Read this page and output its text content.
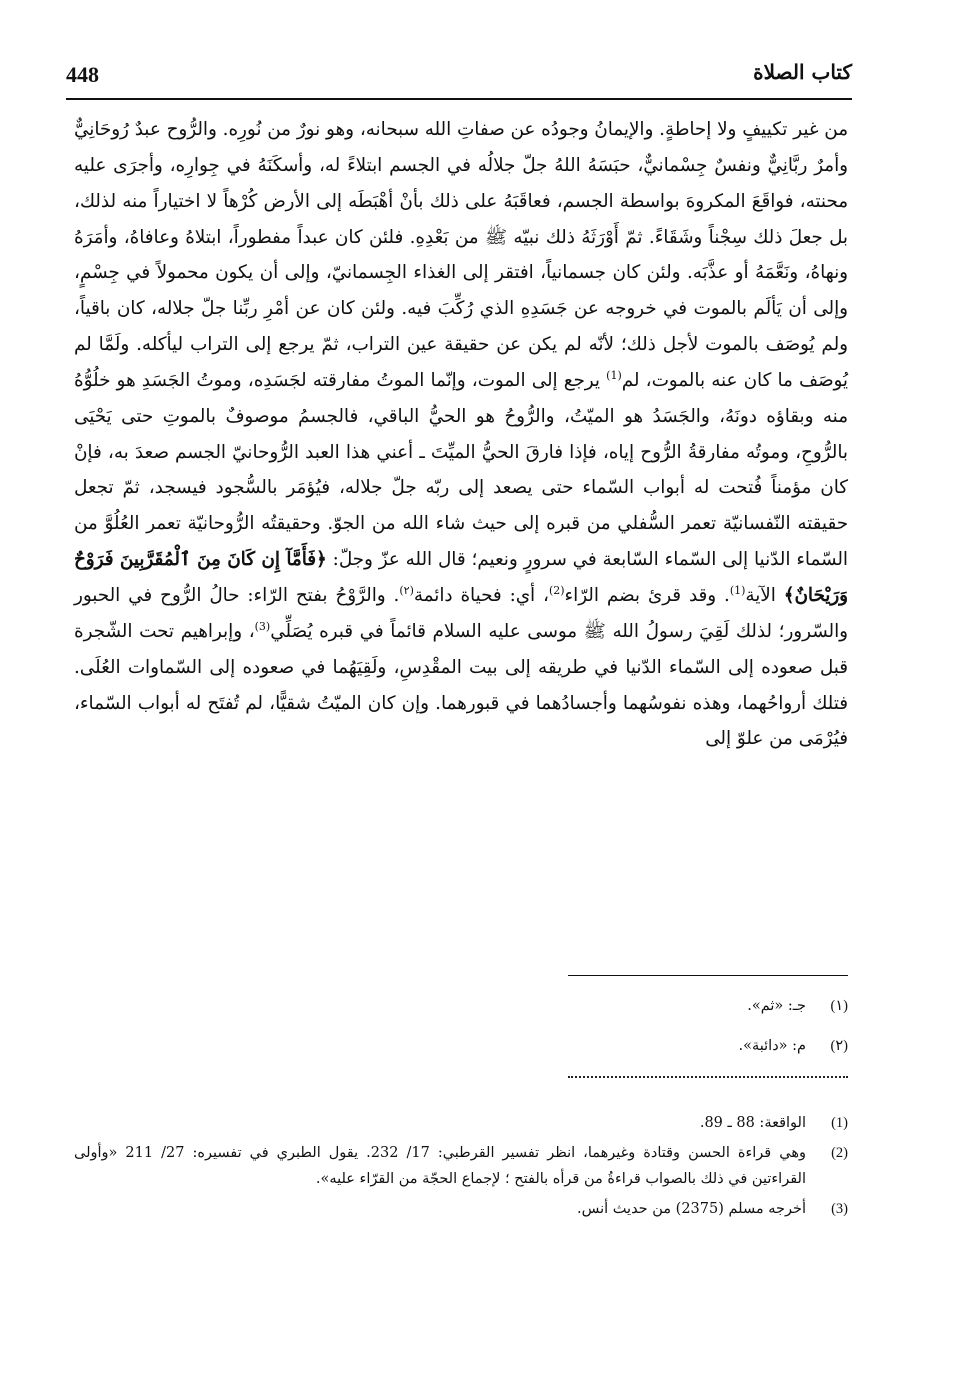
448	كتاب الصلاة

من غير تكييفٍ ولا إحاطةٍ. والإيمانُ وجودُه عن صفاتِ الله سبحانه، وهو نورٌ من نُورِه. والرُّوح عبدٌ رُوحَانِيٌّ وأمرٌ ربَّانِيٌّ ونفسٌ جِسْمانيٌّ، حبَسَهُ اللهُ جلّ جلالُه في الجسم ابتلاءً له، وأسكَنَهُ في جِوارِه، وأجرَى عليه محنته، فواقَعَ المكروهَ بواسطة الجسم، فعاقَبَهُ على ذلك بأنْ أهْبَطَه إلى الأرض كُرْهاً لا اختياراً منه لذلك، بل جعلَ ذلك سِجْناً وشَقَاءً. ثمّ أَوْرَثَهُ ذلك نبيّه ﷺ من بَعْدِهِ. فلئن كان عبداً مفطوراً، ابتلاهُ وعافاهُ، وأمَرَهُ ونهاهُ، ونَعَّمَهُ أو عذَّبَه. ولئن كان جسمانياً، افتقر إلى الغذاء الجِسمانيّ، وإلى أن يكون محمولاً في جِسْمٍ، وإلى أن يَألَم بالموت في خروجه عن جَسَدِهِ الذي رُكِّبَ فيه. ولئن كان عن أمْرِ ربِّنا جلّ جلاله، كان باقياً، ولم يُوصَف بالموت لأجل ذلك؛ لأنّه لم يكن عن حقيقة عين التراب، ثمّ يرجع إلى التراب ليأكله. ولَمَّا لم يُوصَف ما كان عنه بالموت، لم$^{(1)}$ يرجع إلى الموت، وإنّما الموتُ مفارقته لجَسَدِه، وموتُ الجَسَدِ هو خلُوُّهُ منه وبقاؤه دونَهُ، والجَسَدُ هو الميّتُ، والرُّوحُ هو الحيُّ الباقي، فالجسمُ موصوفٌ بالموتِ حتى يَحْيَى بالرُّوحِ، وموتُه مفارقةُ الرُّوح إياه، فإذا فارقَ الحيُّ الميِّتَ ـ أعني هذا العبد الرُّوحانيّ الجسم صعدَ به، فإنْ كان مؤمناً فُتحت له أبواب السّماء حتى يصعد إلى ربّه جلّ جلاله، فيُؤمَر بالسُّجود فيسجد، ثمّ تجعل حقيقته النّفسانيّة تعمر السُّفلي من قبره إلى حيث شاء الله من الجوّ. وحقيقتُه الرُّوحانيّة تعمر العُلُوَّ من السّماء الدّنيا إلى السّماء السّابعة في سرورٍ ونعيم؛ قال الله عزّ وجلّ: ﴿فَأَمَّآ إِن كَانَ مِنَ ٱلْمُقَرَّبِينَ فَرَوْحٌ وَرَيْحَانٌ﴾ الآية$^{(1)}$. وقد قرئ بضم الرّاء$^{(2)}$، أي: فحياة دائمة$^{(٢)}$. والرَّوْحُ بفتح الرّاء: حالُ الرُّوح في الحبور والسّرور؛ لذلك لَقِيَ رسولُ الله ﷺ موسى عليه السلام قائماً في قبره يُصَلِّي$^{(3)}$، وإبراهيم تحت الشّجرة قبل صعوده إلى السّماء الدّنيا في طريقه إلى بيت المقْدِسِ، ولَقِيَهُما في صعوده إلى السّماوات العُلَى. فتلك أرواحُهما، وهذه نفوسُهما وأجسادُهما في قبورهما. وإن كان الميّتُ شقيًّا، لم تُفتَح له أبواب السّماء، فيُرْمَى من علوّ إلى

(١)
جـ: «ثم».
(٢)
م: «دائبة».
(1)
الواقعة: 88 ـ 89.
(2)
وهي قراءة الحسن وقتادة وغيرهما، انظر تفسير القرطبي: 17/ 232. يقول الطبري في تفسيره: 27/ 211 «وأولى القراءتين في ذلك بالصواب قراءةُ من قرأه بالفتح ؛ لإجماع الحجّة من القرّاء عليه».
(3)
أخرجه مسلم (2375) من حديث أنس.
